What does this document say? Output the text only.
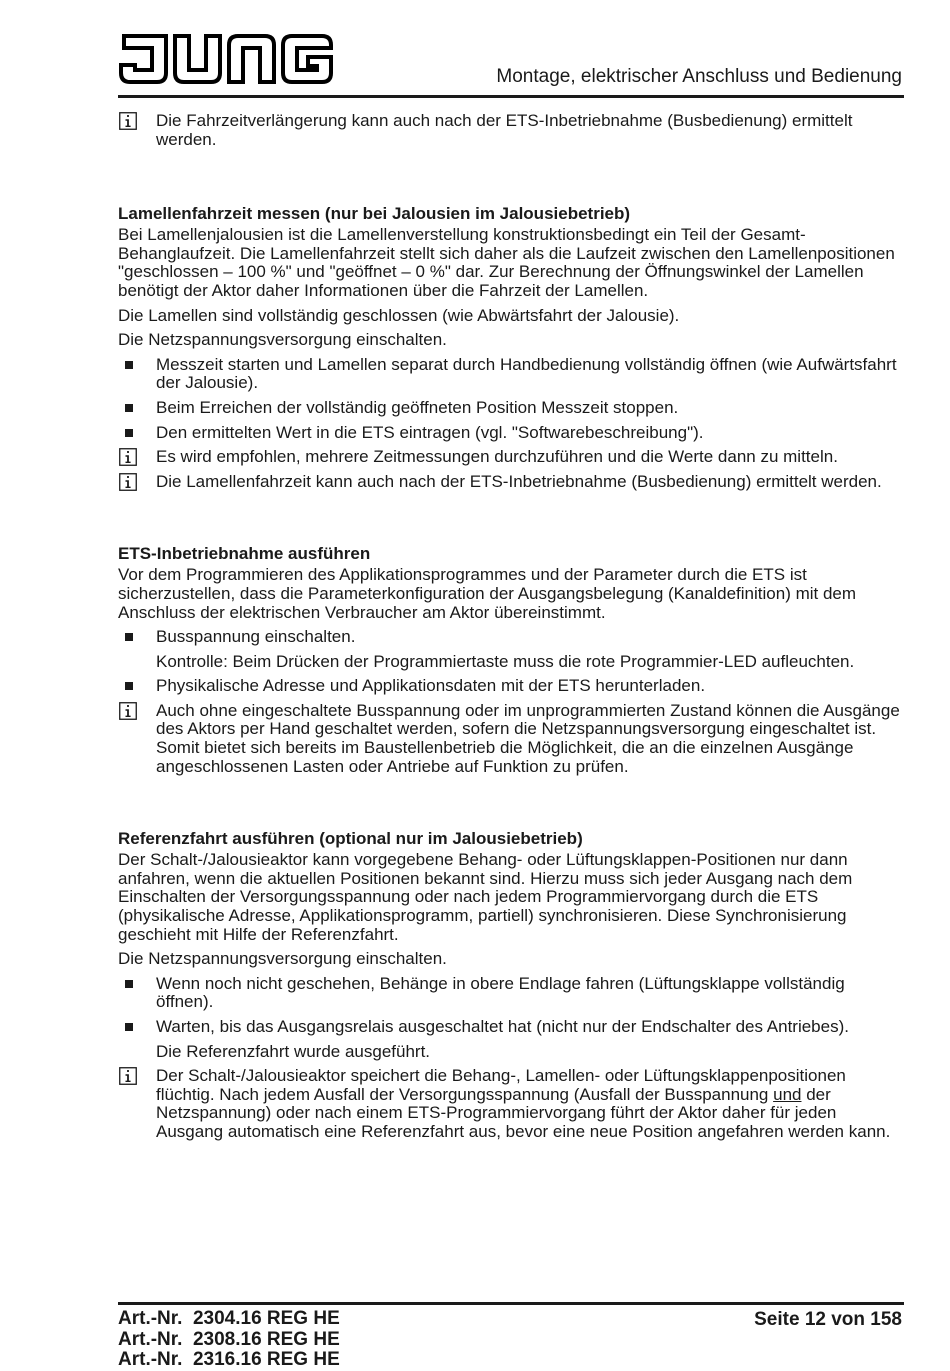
Montage, elektrischer Anschluss und Bedienung

Die Fahrzeitverlängerung kann auch nach der ETS-Inbetriebnahme (Busbedienung) ermittelt werden.

Lamellenfahrzeit messen (nur bei Jalousien im Jalousiebetrieb)

Bei Lamellenjalousien ist die Lamellenverstellung konstruktionsbedingt ein Teil der Gesamt-Behanglaufzeit. Die Lamellenfahrzeit stellt sich daher als die Laufzeit zwischen den Lamellenpositionen "geschlossen – 100 %" und "geöffnet – 0 %" dar. Zur Berechnung der Öffnungswinkel der Lamellen benötigt der Aktor daher Informationen über die Fahrzeit der Lamellen.

Die Lamellen sind vollständig geschlossen (wie Abwärtsfahrt der Jalousie).

Die Netzspannungsversorgung einschalten.

Messzeit starten und Lamellen separat durch Handbedienung vollständig öffnen (wie Aufwärtsfahrt der Jalousie).

Beim Erreichen der vollständig geöffneten Position Messzeit stoppen.

Den ermittelten Wert in die ETS eintragen (vgl. "Softwarebeschreibung").

Es wird empfohlen, mehrere Zeitmessungen durchzuführen und die Werte dann zu mitteln.

Die Lamellenfahrzeit kann auch nach der ETS-Inbetriebnahme (Busbedienung) ermittelt werden.

ETS-Inbetriebnahme ausführen

Vor dem Programmieren des Applikationsprogrammes und der Parameter durch die ETS ist sicherzustellen, dass die Parameterkonfiguration der Ausgangsbelegung (Kanaldefinition) mit dem Anschluss der elektrischen Verbraucher am Aktor übereinstimmt.

Busspannung einschalten.

Kontrolle: Beim Drücken der Programmiertaste muss die rote Programmier-LED aufleuchten.

Physikalische Adresse und Applikationsdaten mit der ETS herunterladen.

Auch ohne eingeschaltete Busspannung oder im unprogrammierten Zustand können die Ausgänge des Aktors per Hand geschaltet werden, sofern die Netzspannungsversorgung eingeschaltet ist. Somit bietet sich bereits im Baustellenbetrieb die Möglichkeit, die an die einzelnen Ausgänge angeschlossenen Lasten oder Antriebe auf Funktion zu prüfen.

Referenzfahrt ausführen (optional nur im Jalousiebetrieb)

Der Schalt-/Jalousieaktor kann vorgegebene Behang- oder Lüftungsklappen-Positionen nur dann anfahren, wenn die aktuellen Positionen bekannt sind. Hierzu muss sich jeder Ausgang nach dem Einschalten der Versorgungsspannung oder nach jedem Programmiervorgang durch die ETS (physikalische Adresse, Applikationsprogramm, partiell) synchronisieren. Diese Synchronisierung geschieht mit Hilfe der Referenzfahrt.

Die Netzspannungsversorgung einschalten.

Wenn noch nicht geschehen, Behänge in obere Endlage fahren (Lüftungsklappe vollständig öffnen).

Warten, bis das Ausgangsrelais ausgeschaltet hat (nicht nur der Endschalter des Antriebes).

Die Referenzfahrt wurde ausgeführt.

Der Schalt-/Jalousieaktor speichert die Behang-, Lamellen- oder Lüftungsklappenpositionen flüchtig. Nach jedem Ausfall der Versorgungsspannung (Ausfall der Busspannung und der Netzspannung) oder nach einem ETS-Programmiervorgang führt der Aktor daher für jeden Ausgang automatisch eine Referenzfahrt aus, bevor eine neue Position angefahren werden kann.

Art.-Nr.  2304.16 REG HE
Art.-Nr.  2308.16 REG HE
Art.-Nr.  2316.16 REG HE
Seite 12 von 158
